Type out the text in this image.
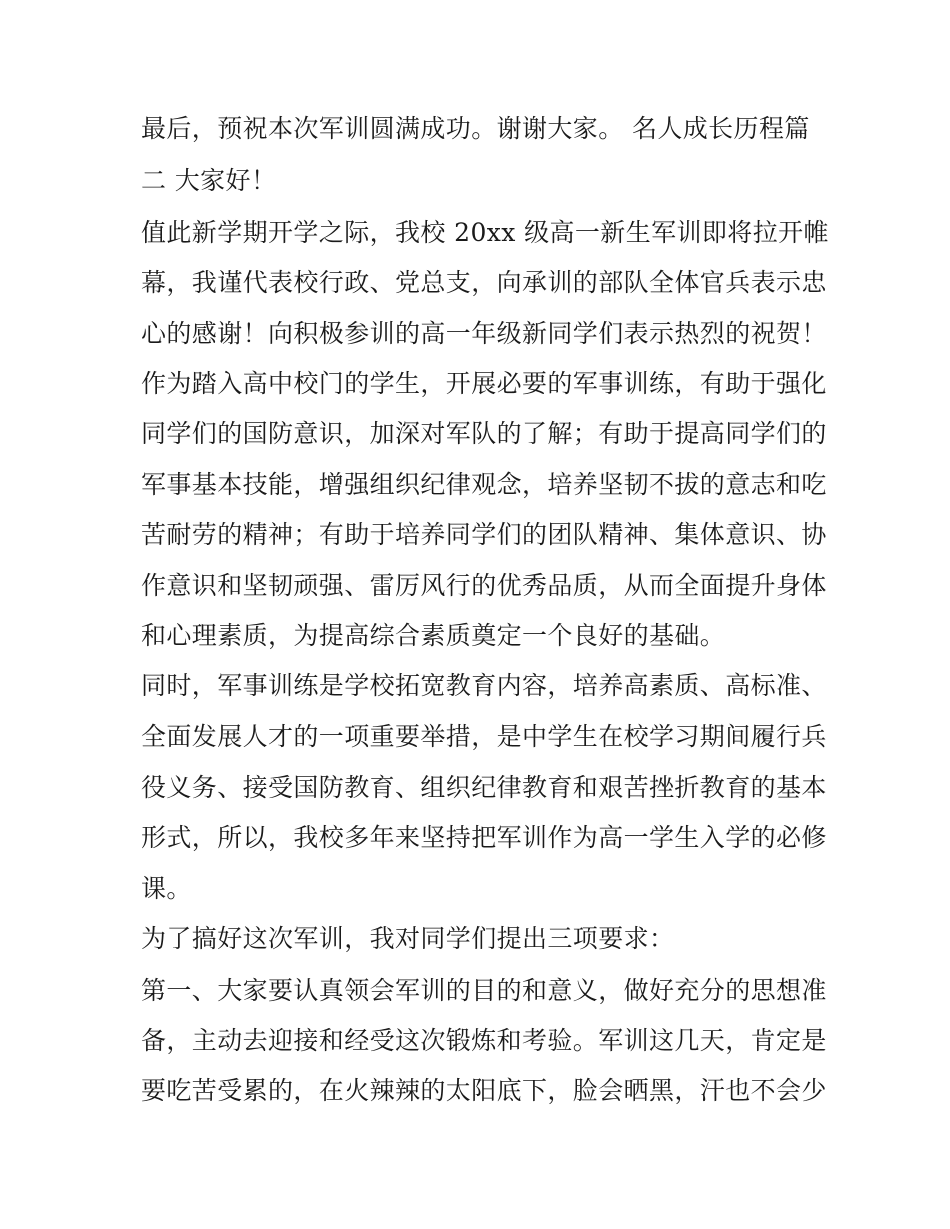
最后，预祝本次军训圆满成功。谢谢大家。 名人成长历程篇
二 大家好！
值此新学期开学之际，我校 20xx 级高一新生军训即将拉开帷
幕，我谨代表校行政、党总支，向承训的部队全体官兵表示忠
心的感谢！向积极参训的高一年级新同学们表示热烈的祝贺！
作为踏入高中校门的学生，开展必要的军事训练，有助于强化
同学们的国防意识，加深对军队的了解；有助于提高同学们的
军事基本技能，增强组织纪律观念，培养坚韧不拔的意志和吃
苦耐劳的精神；有助于培养同学们的团队精神、集体意识、协
作意识和坚韧顽强、雷厉风行的优秀品质，从而全面提升身体
和心理素质，为提高综合素质奠定一个良好的基础。
同时，军事训练是学校拓宽教育内容，培养高素质、高标准、
全面发展人才的一项重要举措，是中学生在校学习期间履行兵
役义务、接受国防教育、组织纪律教育和艰苦挫折教育的基本
形式，所以，我校多年来坚持把军训作为高一学生入学的必修
课。
为了搞好这次军训，我对同学们提出三项要求：
第一、大家要认真领会军训的目的和意义，做好充分的思想准
备，主动去迎接和经受这次锻炼和考验。军训这几天，肯定是
要吃苦受累的，在火辣辣的太阳底下，脸会晒黑，汗也不会少
